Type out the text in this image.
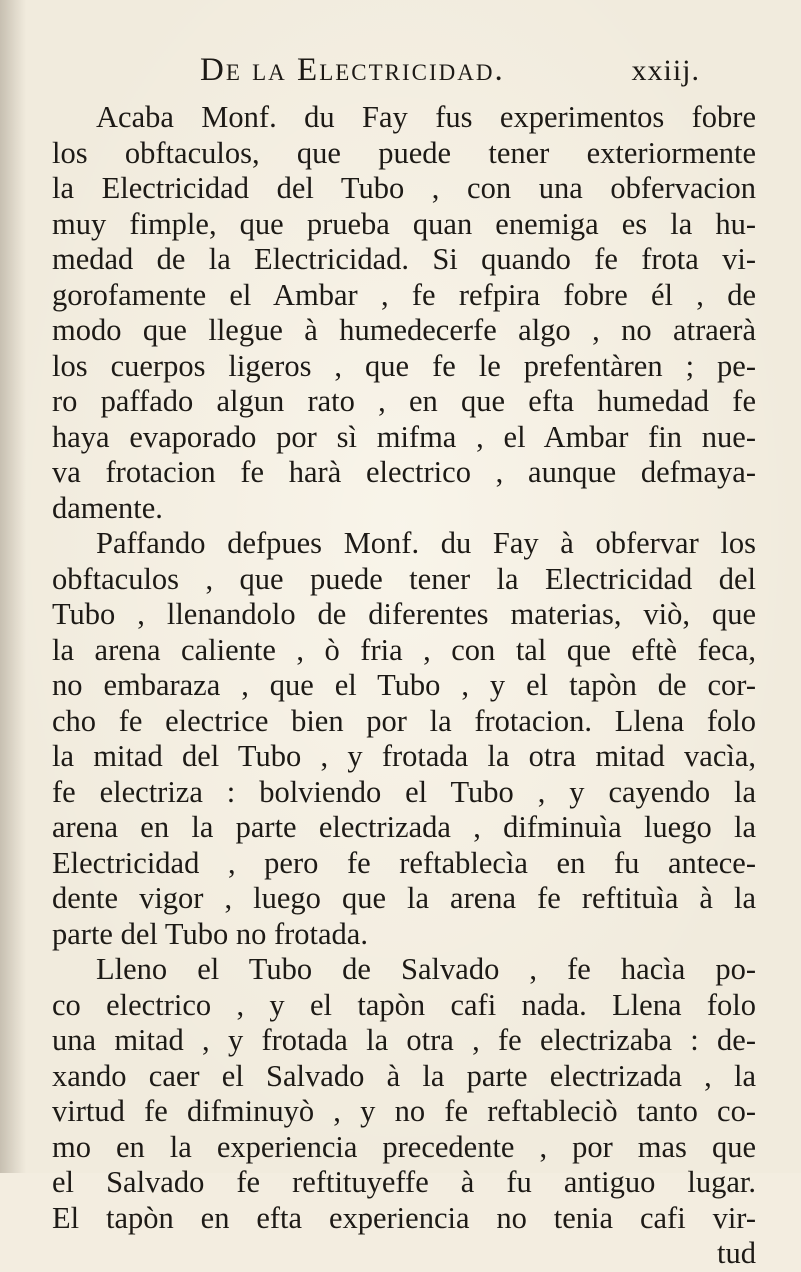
De la Electricidad.	xxiij.
Acaba Monf. du Fay fus experimentos fobre
los obftaculos, que puede tener exteriormente
la Electricidad del Tubo , con una obfervacion
muy fimple, que prueba quan enemiga es la hu-
medad de la Electricidad. Si quando fe frota vi-
gorofamente el Ambar , fe refpira fobre él , de
modo que llegue à humedecerfe algo , no atraerà
los cuerpos ligeros , que fe le prefentàren ; pe-
ro paffado algun rato , en que efta humedad fe
haya evaporado por sì mifma , el Ambar fin nue-
va frotacion fe harà electrico , aunque defmaya-
damente.
Paffando defpues Monf. du Fay à obfervar los
obftaculos , que puede tener la Electricidad del
Tubo , llenandolo de diferentes materias, viò, que
la arena caliente , ò fria , con tal que eftè feca,
no embaraza , que el Tubo , y el tapòn de cor-
cho fe electrice bien por la frotacion. Llena folo
la mitad del Tubo , y frotada la otra mitad vacìa,
fe electriza : bolviendo el Tubo , y cayendo la
arena en la parte electrizada , difminuìa luego la
Electricidad , pero fe reftablecìa en fu antece-
dente vigor , luego que la arena fe reftituìa à la
parte del Tubo no frotada.
Lleno el Tubo de Salvado , fe hacìa po-
co electrico , y el tapòn cafi nada. Llena folo
una mitad , y frotada la otra , fe electrizaba : de-
xando caer el Salvado à la parte electrizada , la
virtud fe difminuyò , y no fe reftableciò tanto co-
mo en la experiencia precedente , por mas que
el Salvado fe reftituyeffe à fu antiguo lugar.
El tapòn en efta experiencia no tenia cafi vir-
tud
